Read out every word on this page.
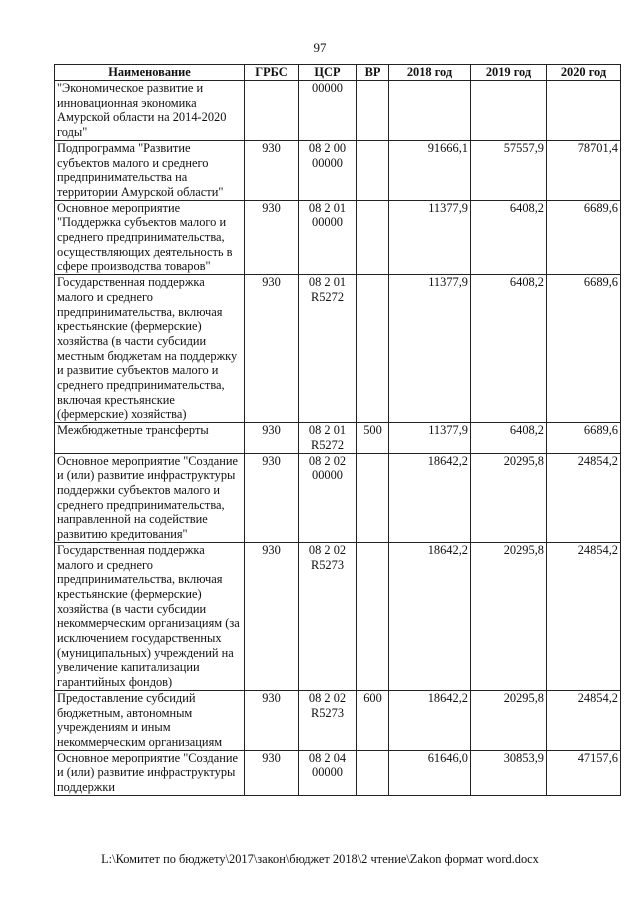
97
Наименование	ГРБС	ЦСР	ВР	2018 год	2019 год	2020 год
"Экономическое развитие и инновационная экономика Амурской области на 2014-2020 годы"		00000				
Подпрограмма "Развитие субъектов малого и среднего предпринимательства на территории Амурской области"	930	08 2 00 00000		91666,1	57557,9	78701,4
Основное мероприятие "Поддержка субъектов малого и среднего предпринимательства, осуществляющих деятельность в сфере производства товаров"	930	08 2 01 00000		11377,9	6408,2	6689,6
Государственная поддержка малого и среднего предпринимательства, включая крестьянские (фермерские) хозяйства (в части субсидии местным бюджетам на поддержку и развитие субъектов малого и среднего предпринимательства, включая крестьянские (фермерские) хозяйства)	930	08 2 01 R5272		11377,9	6408,2	6689,6
Межбюджетные трансферты	930	08 2 01 R5272	500	11377,9	6408,2	6689,6
Основное мероприятие "Создание и (или) развитие инфраструктуры поддержки субъектов малого и среднего предпринимательства, направленной на содействие развитию кредитования"	930	08 2 02 00000		18642,2	20295,8	24854,2
Государственная поддержка малого и среднего предпринимательства, включая крестьянские (фермерские) хозяйства (в части субсидии некоммерческим организациям (за исключением государственных (муниципальных) учреждений на увеличение капитализации гарантийных фондов)	930	08 2 02 R5273		18642,2	20295,8	24854,2
Предоставление субсидий бюджетным, автономным учреждениям и иным некоммерческим организациям	930	08 2 02 R5273	600	18642,2	20295,8	24854,2
Основное мероприятие "Создание и (или) развитие инфраструктуры поддержки	930	08 2 04 00000		61646,0	30853,9	47157,6
L:\Комитет по бюджету\2017\закон\бюджет 2018\2 чтение\Zakon формат word.docx
